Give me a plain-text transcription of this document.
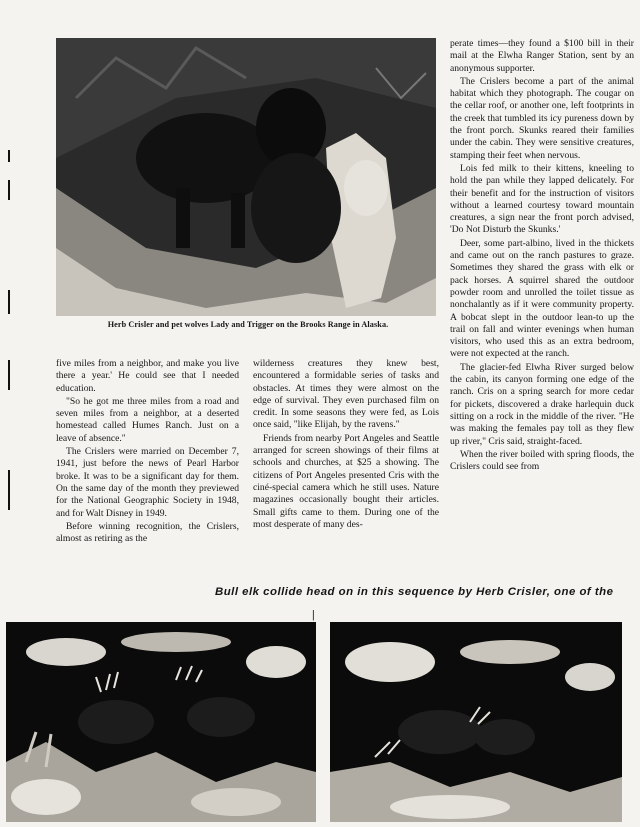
Herb Crisler and pet wolves Lady and Trigger on the Brooks Range in Alaska.

perate times—they found a $100 bill in their mail at the Elwha Ranger Station, sent by an anonymous supporter.

The Crislers become a part of the animal habitat which they photograph. The cougar on the cellar roof, or another one, left footprints in the creek that tumbled its icy pureness down by the front porch. Skunks reared their families under the cabin. They were sensitive creatures, stamping their feet when nervous.

Lois fed milk to their kittens, kneeling to hold the pan while they lapped delicately. For their benefit and for the instruction of visitors without a learned courtesy toward mountain creatures, a sign near the front porch advised, 'Do Not Disturb the Skunks.'

Deer, some part-albino, lived in the thickets and came out on the ranch pastures to graze. Sometimes they shared the grass with elk or pack horses. A squirrel shared the outdoor powder room and unrolled the toilet tissue as nonchalantly as if it were community property. A bobcat slept in the outdoor lean-to up the trail on fall and winter evenings when human visitors, who used this as an extra bedroom, were not expected at the ranch.

The glacier-fed Elwha River surged below the cabin, its canyon forming one edge of the ranch. Cris on a spring search for more cedar for pickets, discovered a drake harlequin duck sitting on a rock in the middle of the river. "He was making the females pay toll as they flew up river," Cris said, straight-faced.

When the river boiled with spring floods, the Crislers could see from

five miles from a neighbor, and make you live there a year.' He could see that I needed education.

"So he got me three miles from a road and seven miles from a neighbor, at a deserted homestead called Humes Ranch. Just on a leave of absence."

The Crislers were married on December 7, 1941, just before the news of Pearl Harbor broke. It was to be a significant day for them. On the same day of the month they previewed for the National Geographic Society in 1948, and for Walt Disney in 1949.

Before winning recognition, the Crislers, almost as retiring as the

wilderness creatures they knew best, encountered a formidable series of tasks and obstacles. At times they were almost on the edge of survival. They even purchased film on credit. In some seasons they were fed, as Lois once said, "like Elijah, by the ravens."

Friends from nearby Port Angeles and Seattle arranged for screen showings of their films at schools and churches, at $25 a showing. The citizens of Port Angeles presented Cris with the ciné-special camera which he still uses. Nature magazines occasionally bought their articles. Small gifts came to them. During one of the most desperate of many des-

Bull elk collide head on in this sequence by Herb Crisler, one of the
|
